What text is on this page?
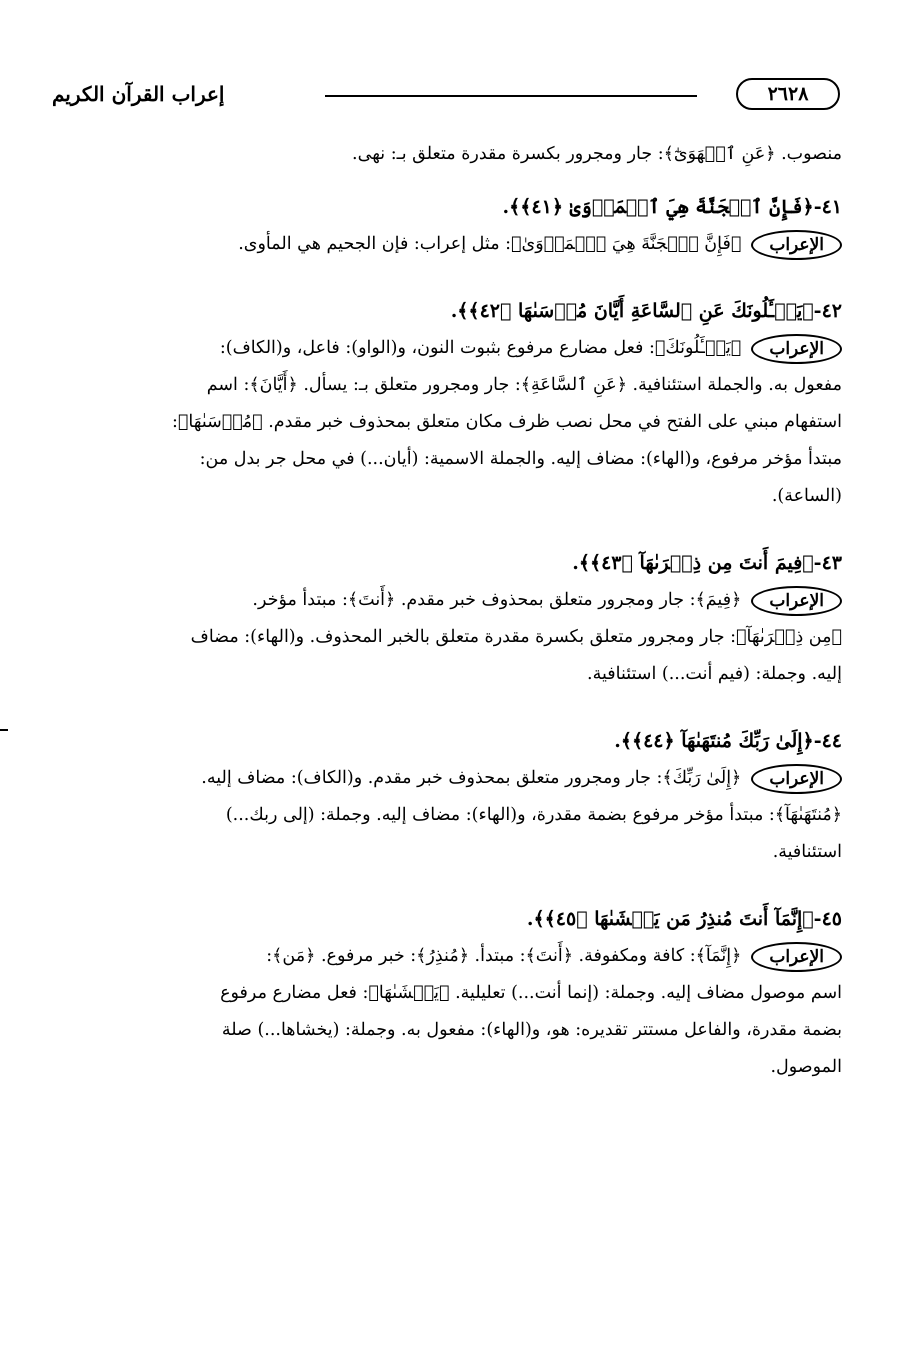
إعراب القرآن الكريم	٢٦٢٨
منصوب. ﴿عَنِ ٱلۡهَوَىٰٓ﴾: جار ومجرور بكسرة مقدرة متعلق بـ: نهى.
٤١-﴿فَإِنَّ ٱلۡجَنَّةَ هِيَ ٱلۡمَأۡوَىٰ ﴿٤١﴾﴾.
الإعراب﴿فَإِنَّ ٱلۡجَنَّةَ هِيَ ٱلۡمَأۡوَىٰ﴾: مثل إعراب: فإن الجحيم هي المأوى.
٤٢-﴿يَسۡـَٔلُونَكَ عَنِ ٱلسَّاعَةِ أَيَّانَ مُرۡسَىٰهَا ﴿٤٢﴾﴾.
الإعراب﴿يَسۡـَٔلُونَكَ﴾: فعل مضارع مرفوع بثبوت النون، و(الواو): فاعل، و(الكاف):
مفعول به. والجملة استئنافية. ﴿عَنِ ٱلسَّاعَةِ﴾: جار ومجرور متعلق بـ: يسأل. ﴿أَيَّانَ﴾: اسم
استفهام مبني على الفتح في محل نصب ظرف مكان متعلق بمحذوف خبر مقدم. ﴿مُرۡسَىٰهَا﴾:
مبتدأ مؤخر مرفوع، و(الهاء): مضاف إليه. والجملة الاسمية: (أيان...) في محل جر بدل من:
(الساعة).
٤٣-﴿فِيمَ أَنتَ مِن ذِكۡرَىٰهَآ ﴿٤٣﴾﴾.
الإعراب﴿فِيمَ﴾: جار ومجرور متعلق بمحذوف خبر مقدم. ﴿أَنتَ﴾: مبتدأ مؤخر.
﴿مِن ذِكۡرَىٰهَآ﴾: جار ومجرور متعلق بكسرة مقدرة متعلق بالخبر المحذوف. و(الهاء): مضاف
إليه. وجملة: (فيم أنت...) استئنافية.
٤٤-﴿إِلَىٰ رَبِّكَ مُنتَهَىٰهَآ ﴿٤٤﴾﴾.
الإعراب﴿إِلَىٰ رَبِّكَ﴾: جار ومجرور متعلق بمحذوف خبر مقدم. و(الكاف): مضاف إليه.
﴿مُنتَهَىٰهَآ﴾: مبتدأ مؤخر مرفوع بضمة مقدرة، و(الهاء): مضاف إليه. وجملة: (إلى ربك...)
استئنافية.
٤٥-﴿إِنَّمَآ أَنتَ مُنذِرُ مَن يَخۡشَىٰهَا ﴿٤٥﴾﴾.
الإعراب﴿إِنَّمَآ﴾: كافة ومكفوفة. ﴿أَنتَ﴾: مبتدأ. ﴿مُنذِرُ﴾: خبر مرفوع. ﴿مَن﴾:
اسم موصول مضاف إليه. وجملة: (إنما أنت...) تعليلية. ﴿يَخۡشَىٰهَا﴾: فعل مضارع مرفوع
بضمة مقدرة، والفاعل مستتر تقديره: هو، و(الهاء): مفعول به. وجملة: (يخشاها...) صلة
الموصول.
